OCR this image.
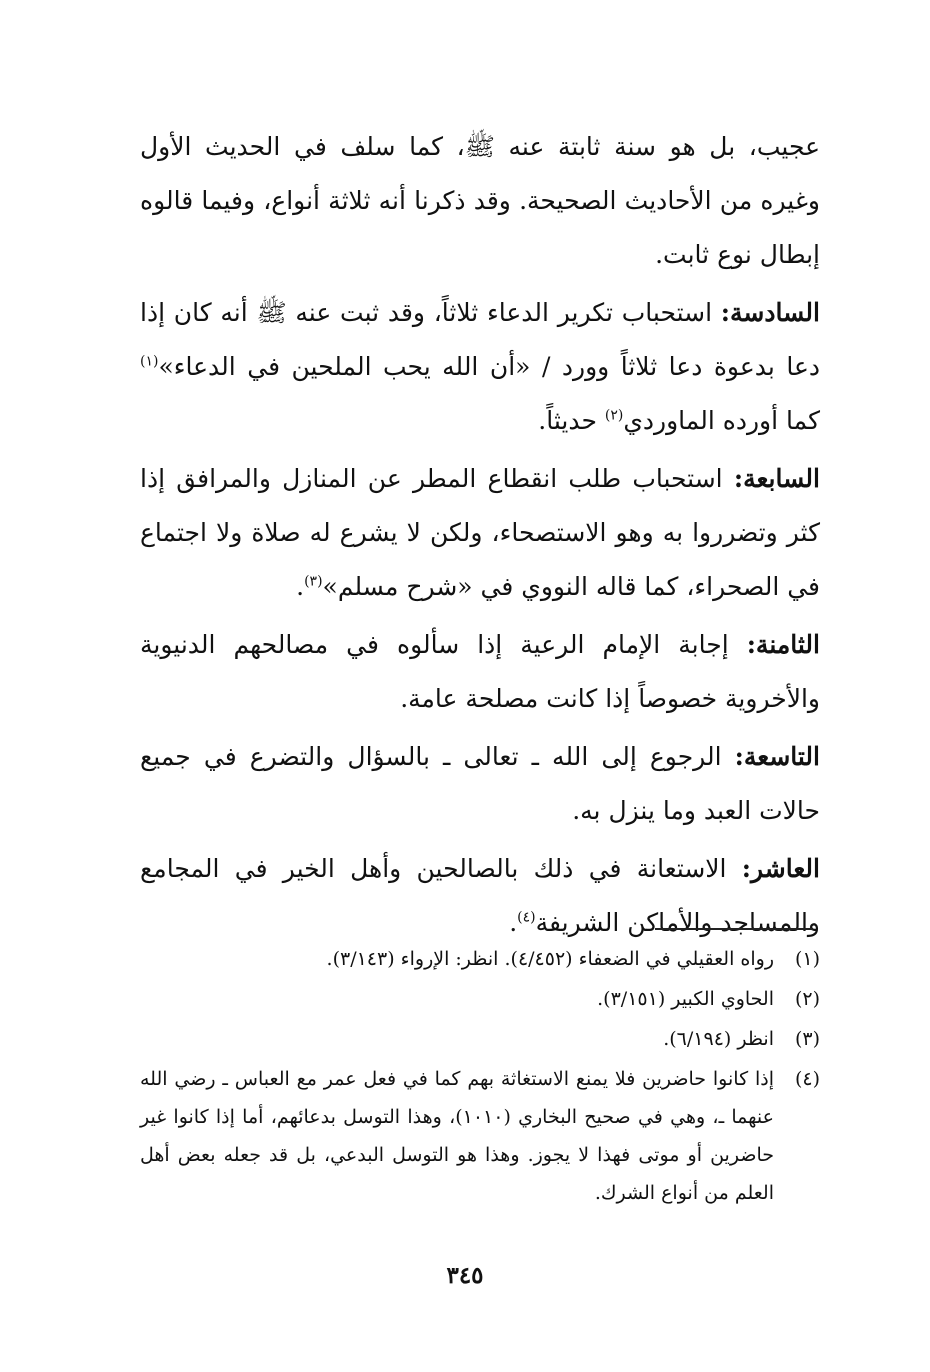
عجيب، بل هو سنة ثابتة عنه ﷺ، كما سلف في الحديث الأول وغيره من الأحاديث الصحيحة. وقد ذكرنا أنه ثلاثة أنواع، وفيما قالوه إبطال نوع ثابت.

السادسة: استحباب تكرير الدعاء ثلاثاً، وقد ثبت عنه ﷺ أنه كان إذا دعا بدعوة دعا ثلاثاً وورد / «أن الله يحب الملحين في الدعاء»$^{(١)}$ كما أورده الماوردي$^{(٢)}$ حديثاً.

السابعة: استحباب طلب انقطاع المطر عن المنازل والمرافق إذا كثر وتضرروا به وهو الاستصحاء، ولكن لا يشرع له صلاة ولا اجتماع في الصحراء، كما قاله النووي في «شرح مسلم»$^{(٣)}$.

الثامنة: إجابة الإمام الرعية إذا سألوه في مصالحهم الدنيوية والأخروية خصوصاً إذا كانت مصلحة عامة.

التاسعة: الرجوع إلى الله ـ تعالى ـ بالسؤال والتضرع في جميع حالات العبد وما ينزل به.

العاشر: الاستعانة في ذلك بالصالحين وأهل الخير في المجامع والمساجد والأماكن الشريفة$^{(٤)}$.

(١)
رواه العقيلي في الضعفاء (٤/٤٥٢). انظر: الإرواء (٣/١٤٣).
(٢)
الحاوي الكبير (٣/١٥١).
(٣)
انظر (٦/١٩٤).
(٤)
إذا كانوا حاضرين فلا يمنع الاستغاثة بهم كما في فعل عمر مع العباس ـ رضي الله عنهما ـ، وهي في صحيح البخاري (١٠١٠)، وهذا التوسل بدعائهم، أما إذا كانوا غير حاضرين أو موتى فهذا لا يجوز. وهذا هو التوسل البدعي، بل قد جعله بعض أهل العلم من أنواع الشرك.
٣٤٥
